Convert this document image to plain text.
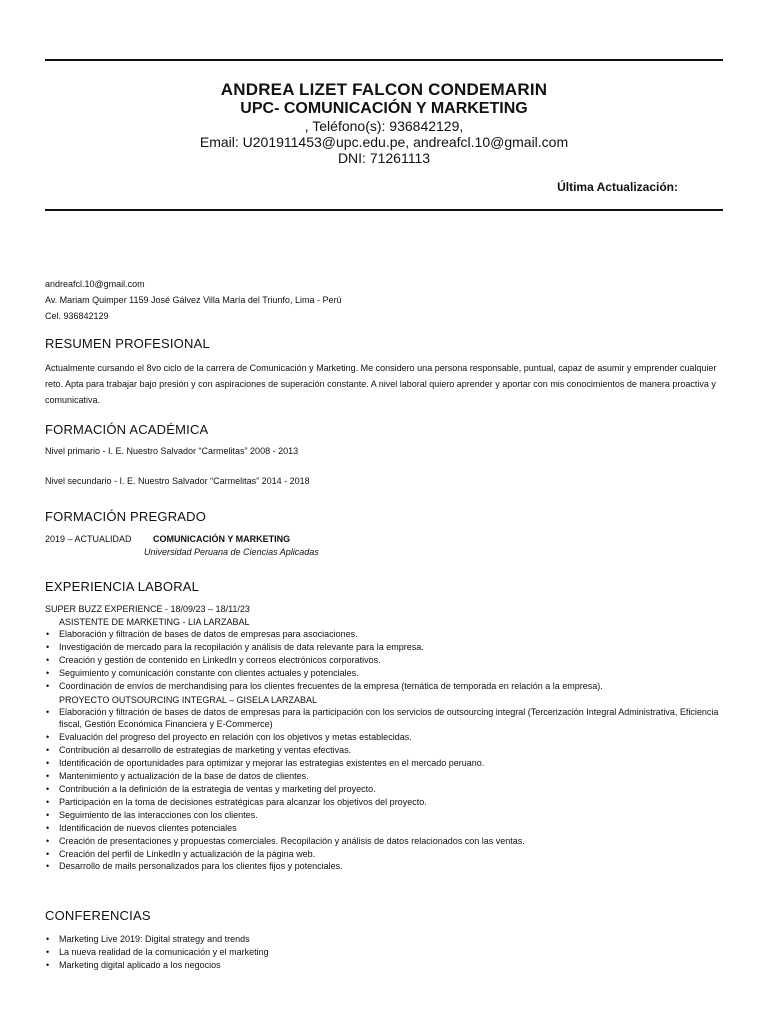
ANDREA LIZET FALCON CONDEMARIN
UPC- COMUNICACIÓN Y MARKETING
, Teléfono(s): 936842129,
Email: U201911453@upc.edu.pe, andreafcl.10@gmail.com
DNI: 71261113
Última Actualización:
andreafcl.10@gmail.com
Av. Mariam Quimper 1159 José Gálvez Villa María del Triunfo, Lima - Perú
Cel. 936842129
RESUMEN PROFESIONAL
Actualmente cursando el 8vo ciclo de la carrera de Comunicación y Marketing. Me considero una persona responsable, puntual, capaz de asumir y emprender cualquier reto. Apta para trabajar bajo presión y con aspiraciones de superación constante. A nivel laboral quiero aprender y aportar con mis conocimientos de manera proactiva y comunicativa.
FORMACIÓN ACADÉMICA
Nivel primario - I. E. Nuestro Salvador “Carmelitas” 2008 - 2013
Nivel secundario - I. E. Nuestro Salvador “Carmelitas” 2014 - 2018
FORMACIÓN PREGRADO
2019 – ACTUALIDAD COMUNICACIÓN Y MARKETING
Universidad Peruana de Ciencias Aplicadas
EXPERIENCIA LABORAL
SUPER BUZZ EXPERIENCE - 18/09/23 – 18/11/23
ASISTENTE DE MARKETING - LIA LARZABAL
• Elaboración y filtración de bases de datos de empresas para asociaciones.
• Investigación de mercado para la recopilación y análisis de data relevante para la empresa.
• Creación y gestión de contenido en LinkedIn y correos electrónicos corporativos.
• Seguimiento y comunicación constante con clientes actuales y potenciales.
• Coordinación de envíos de merchandising para los clientes frecuentes de la empresa (temática de temporada en relación a la empresa).
PROYECTO OUTSOURCING INTEGRAL – GISELA LARZABAL
• Elaboración y filtración de bases de datos de empresas para la participación con los servicios de outsourcing integral (Tercerización Integral Administrativa, Eficiencia fiscal, Gestión Económica Financiera y E-Commerce)
• Evaluación del progreso del proyecto en relación con los objetivos y metas establecidas.
• Contribución al desarrollo de estrategias de marketing y ventas efectivas.
• Identificación de oportunidades para optimizar y mejorar las estrategias existentes en el mercado peruano.
• Mantenimiento y actualización de la base de datos de clientes.
• Contribución a la definición de la estrategia de ventas y marketing del proyecto.
• Participación en la toma de decisiones estratégicas para alcanzar los objetivos del proyecto.
• Seguimiento de las interacciones con los clientes.
• Identificación de nuevos clientes potenciales
• Creación de presentaciones y propuestas comerciales. Recopilación y análisis de datos relacionados con las ventas.
• Creación del perfil de LinkedIn y actualización de la página web.
• Desarrollo de mails personalizados para los clientes fijos y potenciales.
CONFERENCIAS
• Marketing Live 2019: Digital strategy and trends
• La nueva realidad de la comunicación y el marketing
• Marketing digital aplicado a los negocios
